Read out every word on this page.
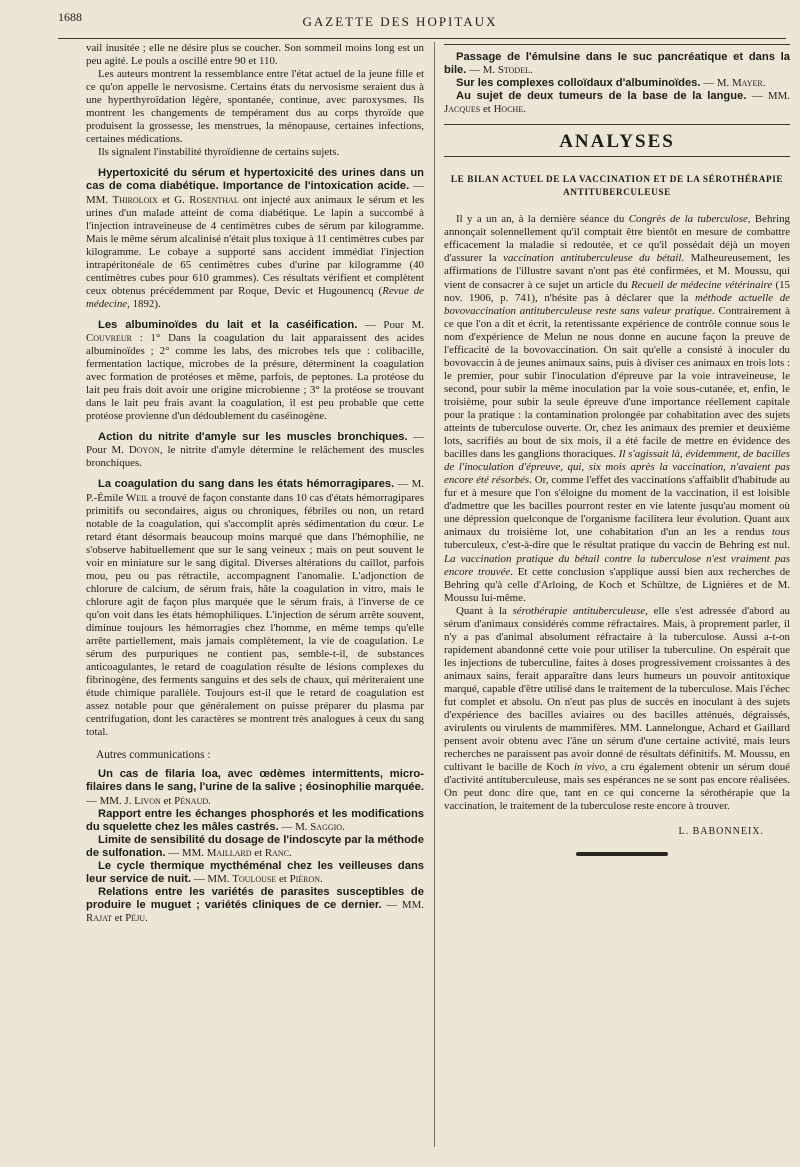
1688	GAZETTE DES HOPITAUX

vail inusitée ; elle ne désire plus se coucher. Son sommeil moins long est un peu agité. Le pouls a oscillé entre 90 et 110.

Les auteurs montrent la ressemblance entre l'état actuel de la jeune fille et ce qu'on appelle le nervosisme. Certains états du nervosisme seraient dus à une hyperthyroïdation légère, spontanée, continue, avec paroxysmes. Ils montrent les changements de tempérament dus au corps thyroïde que produisent la grossesse, les menstrues, la ménopause, certaines infections, certaines médications.

Ils signalent l'instabilité thyroïdienne de certains sujets.

Hypertoxicité du sérum et hypertoxicité des urines dans un cas de coma diabétique. Importance de l'intoxication acide. — MM. Thiroloix et G. Rosenthal ont injecté aux animaux le sérum et les urines d'un malade atteint de coma diabétique. Le lapin a succombé à l'injection intraveineuse de 4 centimètres cubes de sérum par kilogramme. Mais le même sérum alcalinisé n'était plus toxique à 11 centimètres cubes par kilogramme. Le cobaye a supporté sans accident immédiat l'injection intrapéritonéale de 65 centimètres cubes d'urine par kilogramme (40 centimètres cubes pour 610 grammes). Ces résultats vérifient et complètent ceux obtenus précédemment par Roque, Devic et Hugounencq (Revue de médecine, 1892).

Les albuminoïdes du lait et la caséification. — Pour M. Couvreur : 1° Dans la coagulation du lait apparaissent des acides albuminoïdes ; 2° comme les labs, des microbes tels que : colibacille, fermentation lactique, microbes de la présure, déterminent la coagulation avec formation de protéoses et même, parfois, de peptones. La protéose du lait peu frais doit avoir une origine microbienne ; 3° la protéose se trouvant dans le lait peu frais avant la coagulation, il est peu probable que cette protéose provienne d'un dédoublement du caséinogène.

Action du nitrite d'amyle sur les muscles bronchiques. — Pour M. Doyon, le nitrite d'amyle détermine le relâchement des muscles bronchiques.

La coagulation du sang dans les états hémorragipares. — M. P.-Émile Weil a trouvé de façon constante dans 10 cas d'états hémorragipares primitifs ou secondaires, aigus ou chroniques, fébriles ou non, un retard notable de la coagulation, qui s'accomplit après sédimentation du cœur. Le retard étant désormais beaucoup moins marqué que dans l'hémophilie, ne s'observe habituellement que sur le sang veineux ; mais on peut souvent le voir en miniature sur le sang digital. Diverses altérations du caillot, parfois mou, peu ou pas rétractile, accompagnent l'anomalie. L'adjonction de chlorure de calcium, de sérum frais, hâte la coagulation in vitro, mais le chlorure agit de façon plus marquée que le sérum frais, à l'inverse de ce qu'on voit dans les états hémophiliques. L'injection de sérum arrête souvent, diminue toujours les hémorragies chez l'homme, en même temps qu'elle arrête partiellement, mais jamais complètement, la vie de coagulation. Le sérum des purpuriques ne contient pas, semble-t-il, de substances anticoagulantes, le retard de coagulation résulte de lésions complexes du fibrinogène, des ferments sanguins et des sels de chaux, qui mériteraient une étude chimique parallèle. Toujours est-il que le retard de coagulation est assez notable pour que généralement on puisse préparer du plasma par centrifugation, dont les caractères se montrent très analogues à ceux du sang total.

Autres communications :

Un cas de filaria loa, avec œdèmes intermittents, micro-filaires dans le sang, l'urine de la salive ; éosinophilie marquée. — MM. J. Livon et Pénaud.

Rapport entre les échanges phosphorés et les modifications du squelette chez les mâles castrés. — M. Saggio.

Limite de sensibilité du dosage de l'indoscyte par la méthode de sulfonation. — MM. Maillard et Ranc.

Le cycle thermique mycthéménal chez les veilleuses dans leur service de nuit. — MM. Toulouse et Piéron.

Relations entre les variétés de parasites susceptibles de produire le muguet ; variétés cliniques de ce dernier. — MM. Rajat et Péju.

Passage de l'émulsine dans le suc pancréatique et dans la bile. — M. Stodel.

Sur les complexes colloïdaux d'albuminoïdes. — M. Mayer.

Au sujet de deux tumeurs de la base de la langue. — MM. Jacques et Hoche.

ANALYSES
LE BILAN ACTUEL DE LA VACCINATION ET DE LA SÉROTHÉRAPIE ANTITUBERCULEUSE

Il y a un an, à la dernière séance du Congrès de la tuberculose, Behring annonçait solennellement qu'il comptait être bientôt en mesure de combattre efficacement la maladie si redoutée, et ce qu'il possédait déjà un moyen d'assurer la vaccination antituberculeuse du bétail. Malheureusement, les affirmations de l'illustre savant n'ont pas été confirmées, et M. Moussu, qui vient de consacrer à ce sujet un article du Recueil de médecine vétérinaire (15 nov. 1906, p. 741), n'hésite pas à déclarer que la méthode actuelle de bovovaccination antituberculeuse reste sans valeur pratique. Contrairement à ce que l'on a dit et écrit, la retentissante expérience de contrôle connue sous le nom d'expérience de Melun ne nous donne en aucune façon la preuve de l'efficacité de la bovovaccination. On sait qu'elle a consisté à inoculer du bovovaccin à de jeunes animaux sains, puis à diviser ces animaux en trois lots : le premier, pour subir l'inoculation d'épreuve par la voie intraveineuse, le second, pour subir la même inoculation par la voie sous-cutanée, et, enfin, le troisième, pour subir la seule épreuve d'une importance réellement capitale pour la pratique : la contamination prolongée par cohabitation avec des sujets atteints de tuberculose ouverte. Or, chez les animaux des premier et deuxième lots, sacrifiés au bout de six mois, il a été facile de mettre en évidence des bacilles dans les ganglions thoraciques. Il s'agissait là, évidemment, de bacilles de l'inoculation d'épreuve, qui, six mois après la vaccination, n'avaient pas encore été résorbés. Or, comme l'effet des vaccinations s'affaiblit d'habitude au fur et à mesure que l'on s'éloigne du moment de la vaccination, il est loisible d'admettre que les bacilles pourront rester en vie latente jusqu'au moment où une dépression quelconque de l'organisme facilitera leur évolution. Quant aux animaux du troisième lot, une cohabitation d'un an les a rendus tous tuberculeux, c'est-à-dire que le résultat pratique du vaccin de Behring est nul. La vaccination pratique du bétail contre la tuberculose n'est vraiment pas encore trouvée. Et cette conclusion s'applique aussi bien aux recherches de Behring qu'à celle d'Arloing, de Koch et Schültze, de Lignières et de M. Moussu lui-même.

Quant à la sérothérapie antituberculeuse, elle s'est adressée d'abord au sérum d'animaux considérés comme réfractaires. Mais, à proprement parler, il n'y a pas d'animal absolument réfractaire à la tuberculose. Aussi a-t-on rapidement abandonné cette voie pour utiliser la tuberculine. On espérait que les injections de tuberculine, faites à doses progressivement croissantes à des animaux sains, ferait apparaître dans leurs humeurs un pouvoir antitoxique marqué, capable d'être utilisé dans le traitement de la tuberculose. Mais l'échec fut complet et absolu. On n'eut pas plus de succès en inoculant à des sujets d'expérience des bacilles aviaires ou des bacilles atténués, dégraissés, avirulents ou virulents de mammifères. MM. Lannelongue, Achard et Gaillard pensent avoir obtenu avec l'âne un sérum d'une certaine activité, mais leurs recherches ne paraissent pas avoir donné de résultats définitifs. M. Moussu, en cultivant le bacille de Koch in vivo, a cru également obtenir un sérum doué d'activité antituberculeuse, mais ses espérances ne se sont pas encore réalisées. On peut donc dire que, tant en ce qui concerne la sérothérapie que la vaccination, le traitement de la tuberculose reste encore à trouver.

L. BABONNEIX.
